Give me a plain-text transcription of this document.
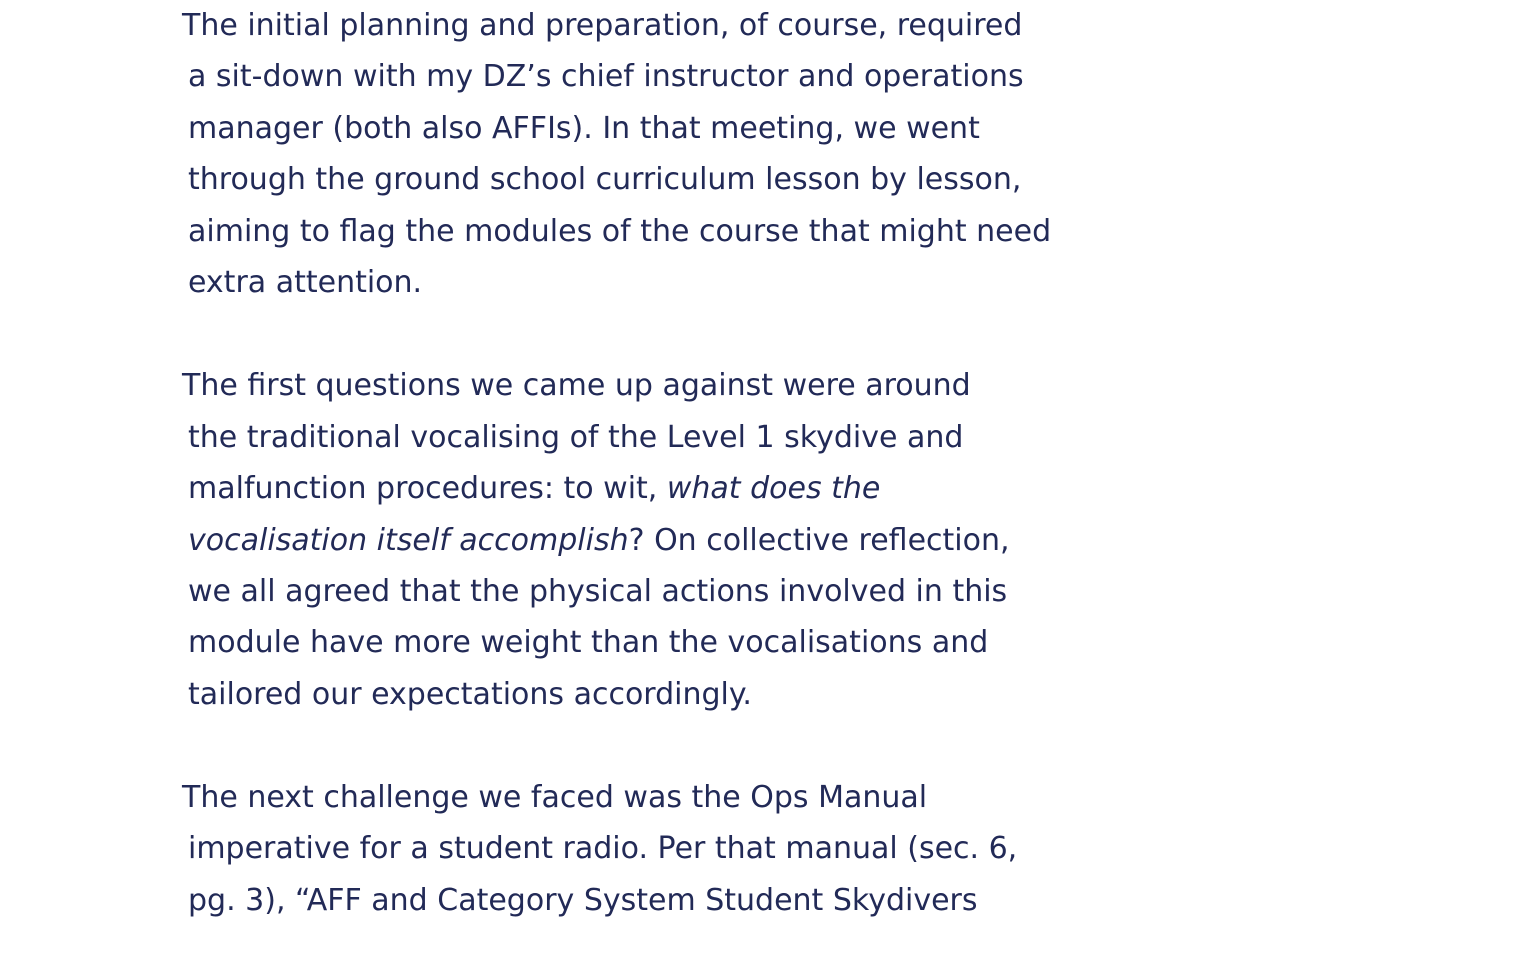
The initial planning and preparation, of course, required
a sit-down with my DZ’s chief instructor and operations
manager (both also AFFIs). In that meeting, we went
through the ground school curriculum lesson by lesson,
aiming to flag the modules of the course that might need
extra attention.
The first questions we came up against were around
the traditional vocalising of the Level 1 skydive and
malfunction procedures: to wit, what does the
vocalisation itself accomplish? On collective reflection,
we all agreed that the physical actions involved in this
module have more weight than the vocalisations and
tailored our expectations accordingly.
The next challenge we faced was the Ops Manual
imperative for a student radio. Per that manual (sec. 6,
pg. 3), “AFF and Category System Student Skydivers
